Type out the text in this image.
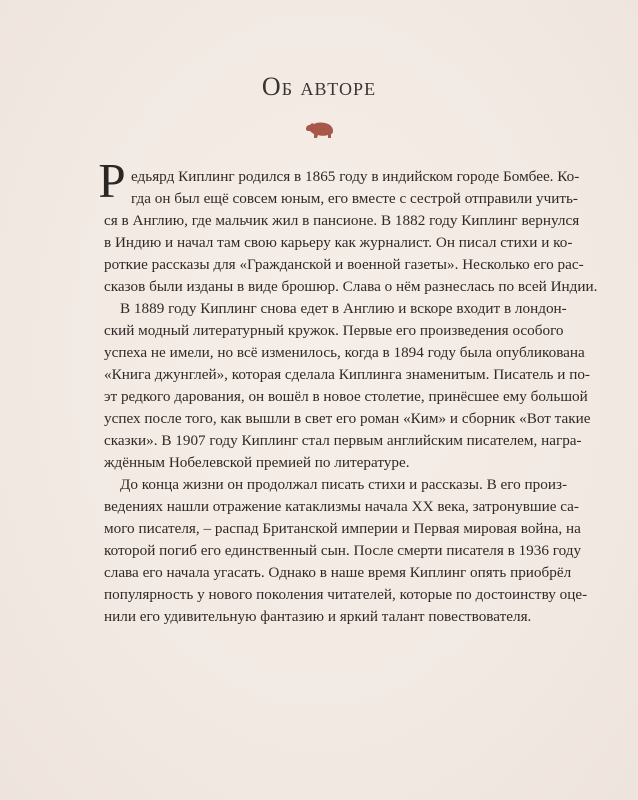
Об авторе
Р едьярд Киплинг родился в 1865 году в индийском городе Бомбее. Ко-

гда он был ещё совсем юным, его вместе с сестрой отправили учить-

ся в Англию, где мальчик жил в пансионе. В 1882 году Киплинг вернулся

в Индию и начал там свою карьеру как журналист. Он писал стихи и ко-

роткие рассказы для «Гражданской и военной газеты». Несколько его рас-

сказов были изданы в виде брошюр. Слава о нём разнеслась по всей Индии.

В 1889 году Киплинг снова едет в Англию и вскоре входит в лондон-

ский модный литературный кружок. Первые его произведения особого

успеха не имели, но всё изменилось, когда в 1894 году была опубликована

«Книга джунглей», которая сделала Киплинга знаменитым. Писатель и по-

эт редкого дарования, он вошёл в новое столетие, принёсшее ему большой

успех после того, как вышли в свет его роман «Ким» и сборник «Вот такие

сказки». В 1907 году Киплинг стал первым английским писателем, награ-

ждённым Нобелевской премией по литературе.

До конца жизни он продолжал писать стихи и рассказы. В его произ-

ведениях нашли отражение катаклизмы начала XX века, затронувшие са-

мого писателя, – распад Британской империи и Первая мировая война, на

которой погиб его единственный сын. После смерти писателя в 1936 году

слава его начала угасать. Однако в наше время Киплинг опять приобрёл

популярность у нового поколения читателей, которые по достоинству оце-

нили его удивительную фантазию и яркий талант повествователя.
